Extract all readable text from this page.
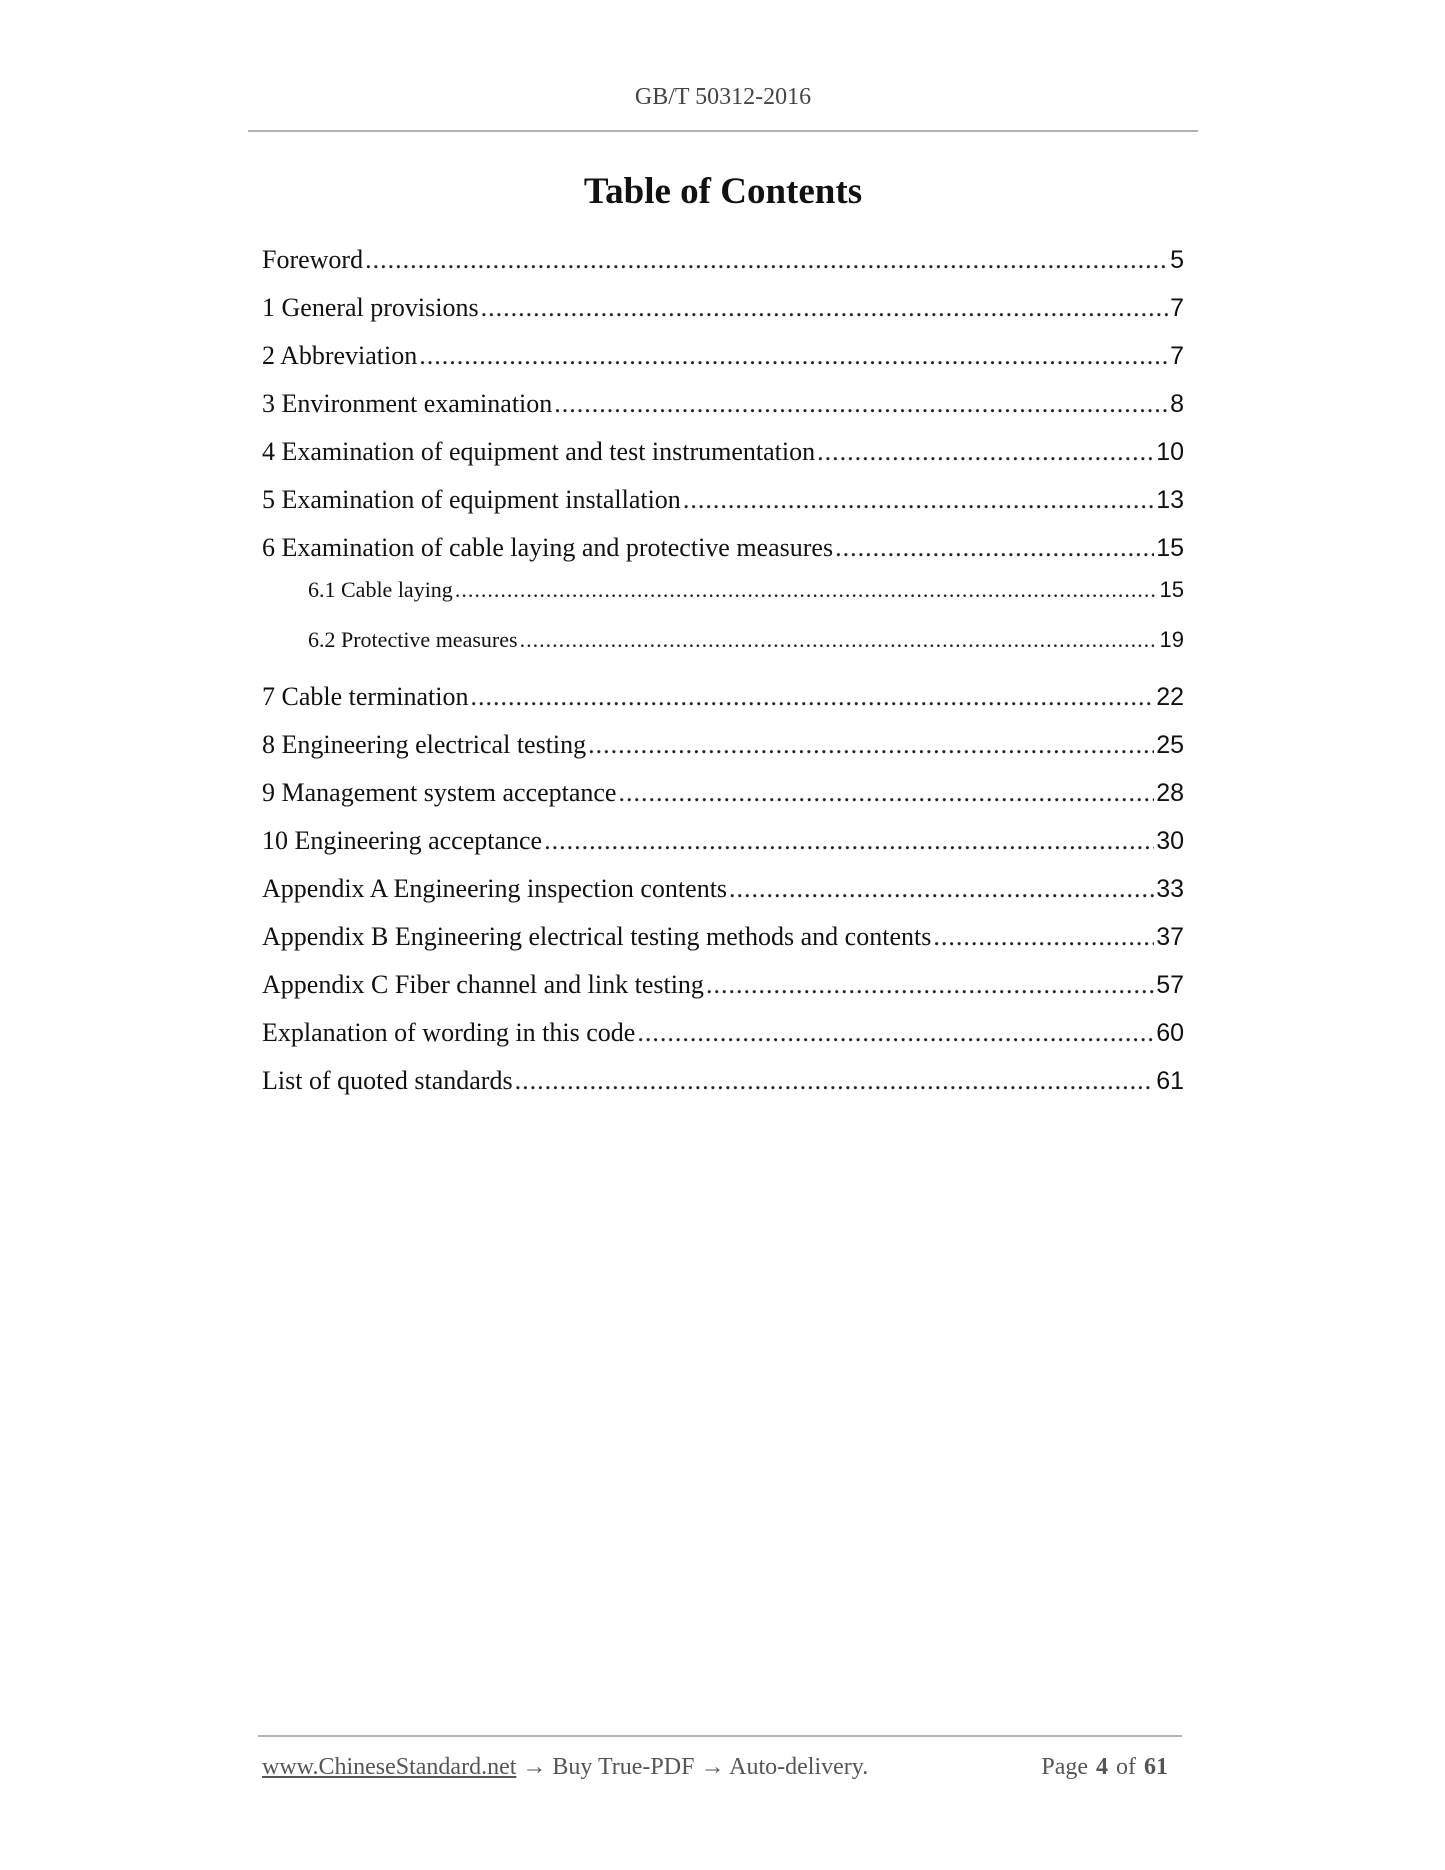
GB/T 50312-2016
Table of Contents
Foreword .....	5
1 General provisions .....	7
2 Abbreviation .....	7
3 Environment examination .....	8
4 Examination of equipment and test instrumentation .....	10
5 Examination of equipment installation .....	13
6 Examination of cable laying and protective measures .....	15
6.1 Cable laying .....	15
6.2 Protective measures .....	19
7 Cable termination .....	22
8 Engineering electrical testing .....	25
9 Management system acceptance .....	28
10 Engineering acceptance .....	30
Appendix A Engineering inspection contents .....	33
Appendix B Engineering electrical testing methods and contents .....	37
Appendix C Fiber channel and link testing .....	57
Explanation of wording in this code .....	60
List of quoted standards .....	61
www.ChineseStandard.net → Buy True-PDF → Auto-delivery.	Page 4 of 61
